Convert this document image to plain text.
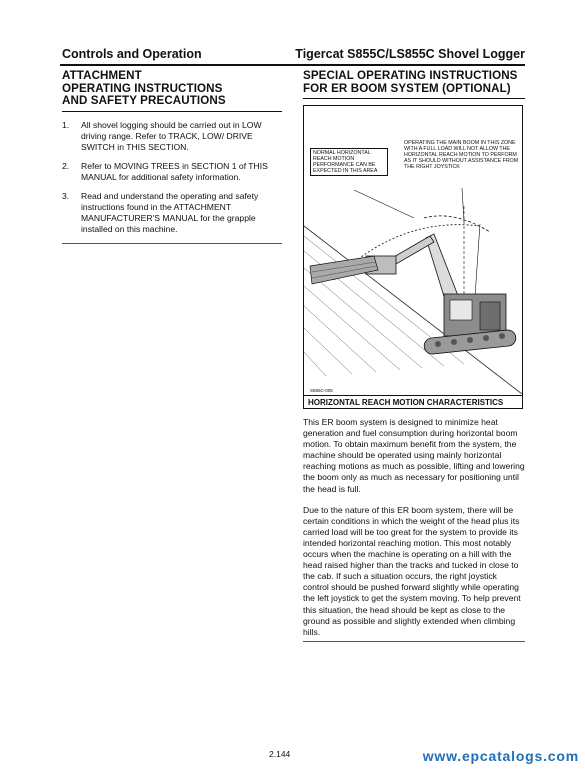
Controls and Operation	Tigercat S855C/LS855C Shovel Logger
ATTACHMENT
OPERATING INSTRUCTIONS
AND SAFETY PRECAUTIONS
1.	All shovel logging should be carried out in LOW driving range. Refer to TRACK, LOW/ DRIVE SWITCH in THIS SECTION.
2.	Refer to MOVING TREES in SECTION 1 of THIS MANUAL for additional safety information.
3.	Read and understand the operating and safety instructions found in the ATTACHMENT MANUFACTURER'S MANUAL for the grapple installed on this machine.
SPECIAL OPERATING INSTRUCTIONS
FOR ER BOOM SYSTEM (OPTIONAL)
NORMAL HORIZONTAL REACH MOTION PERFORMANCE CAN BE EXPECTED IN THIS AREA
OPERATING THE MAIN BOOM IN THIS ZONE WITH A FULL LOAD WILL NOT ALLOW THE HORIZONTAL REACH MOTION TO PERFORM AS IT SHOULD WITHOUT ASSISTANCE FROM THE RIGHT JOYSTICK
S855C-005
HORIZONTAL REACH MOTION CHARACTERISTICS

This ER boom system is designed to minimize heat generation and fuel consumption during horizontal boom motion. To obtain maximum benefit from the system, the machine should be operated using mainly horizontal reaching motions as much as possible, lifting and lowering the boom only as much as necessary for positioning until the head is full.

Due to the nature of this ER boom system, there will be certain conditions in which the weight of the head plus its carried load will be too great for the system to provide its intended horizontal reaching motion. This most notably occurs when the machine is operating on a hill with the head raised higher than the tracks and tucked in close to the cab. If such a situation occurs, the right joystick control should be pushed forward slightly while operating the left joystick to get the system moving. To help prevent this situation, the head should be kept as close to the ground as possible and slightly extended when climbing hills.

2.144	www.epcatalogs.com
